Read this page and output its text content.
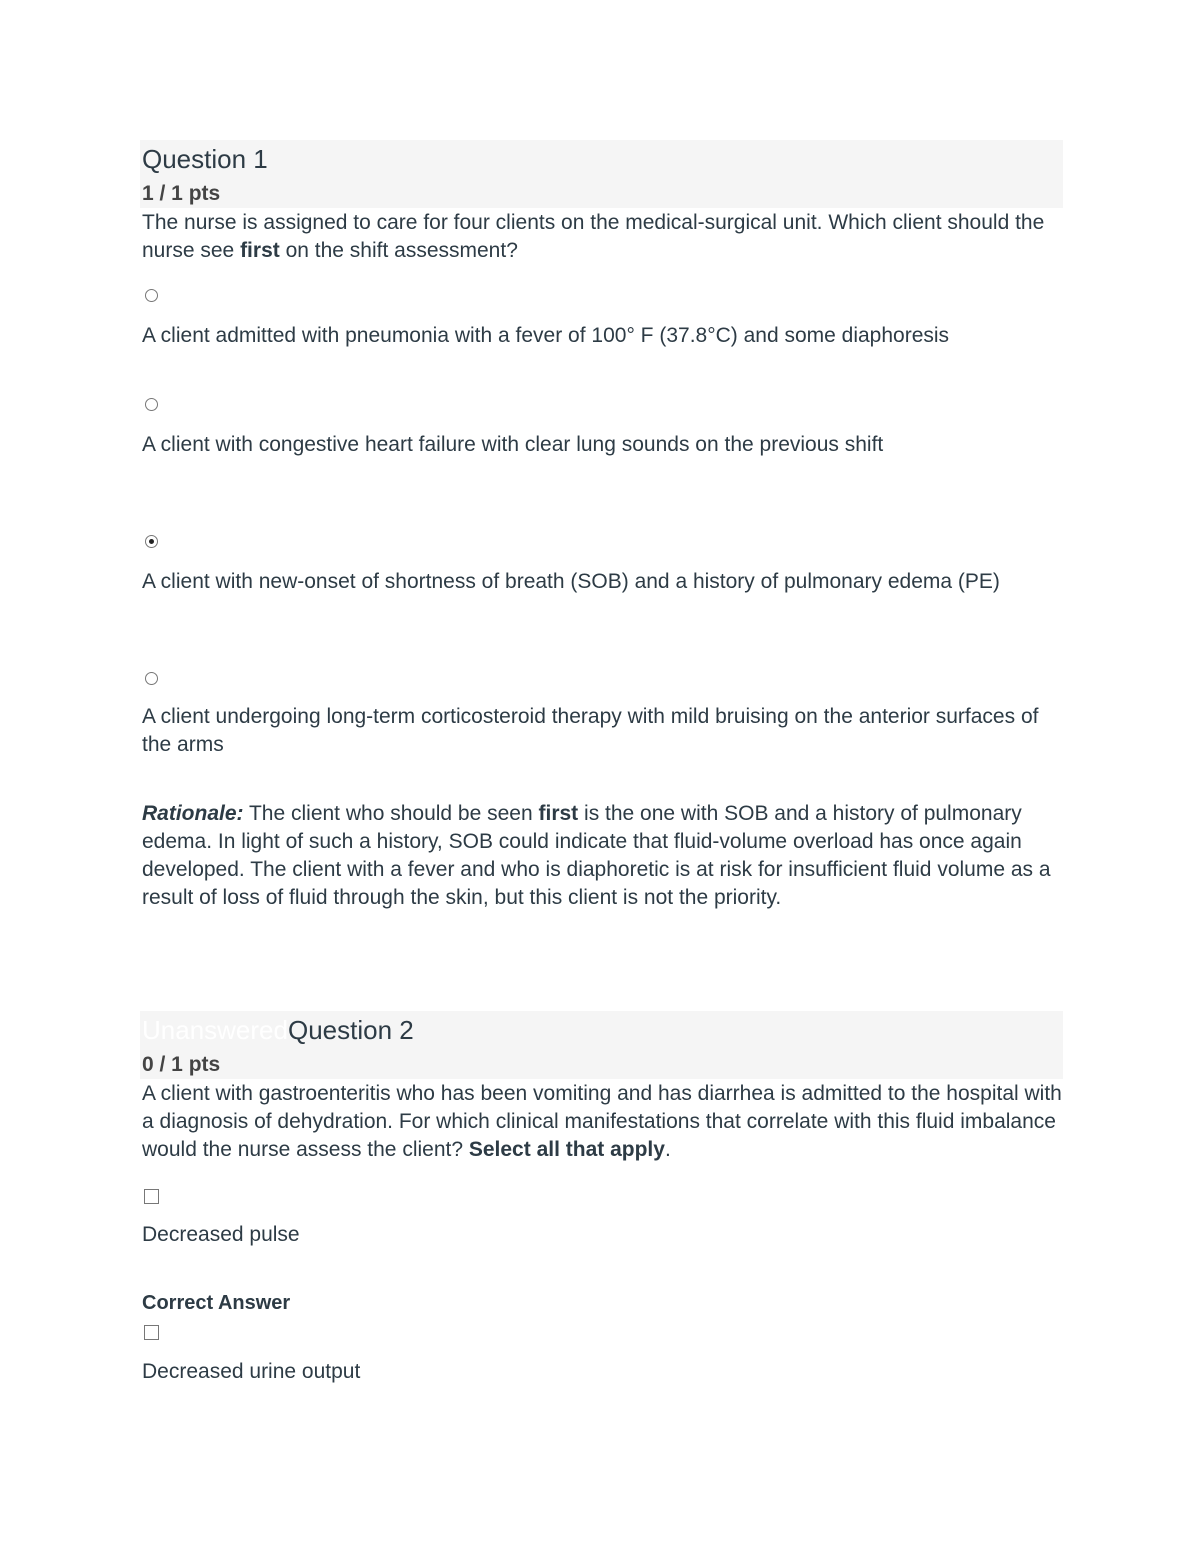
Question 1
1 / 1 pts
The nurse is assigned to care for four clients on the medical-surgical unit. Which client should the nurse see first on the shift assessment?
A client admitted with pneumonia with a fever of 100° F (37.8°C) and some diaphoresis
A client with congestive heart failure with clear lung sounds on the previous shift
A client with new-onset of shortness of breath (SOB) and a history of pulmonary edema (PE)
A client undergoing long-term corticosteroid therapy with mild bruising on the anterior surfaces of the arms
Rationale: The client who should be seen first is the one with SOB and a history of pulmonary edema. In light of such a history, SOB could indicate that fluid-volume overload has once again developed. The client with a fever and who is diaphoretic is at risk for insufficient fluid volume as a result of loss of fluid through the skin, but this client is not the priority.
UnansweredQuestion 2
0 / 1 pts
A client with gastroenteritis who has been vomiting and has diarrhea is admitted to the hospital with a diagnosis of dehydration. For which clinical manifestations that correlate with this fluid imbalance would the nurse assess the client? Select all that apply.
Decreased pulse
Correct Answer
Decreased urine output
